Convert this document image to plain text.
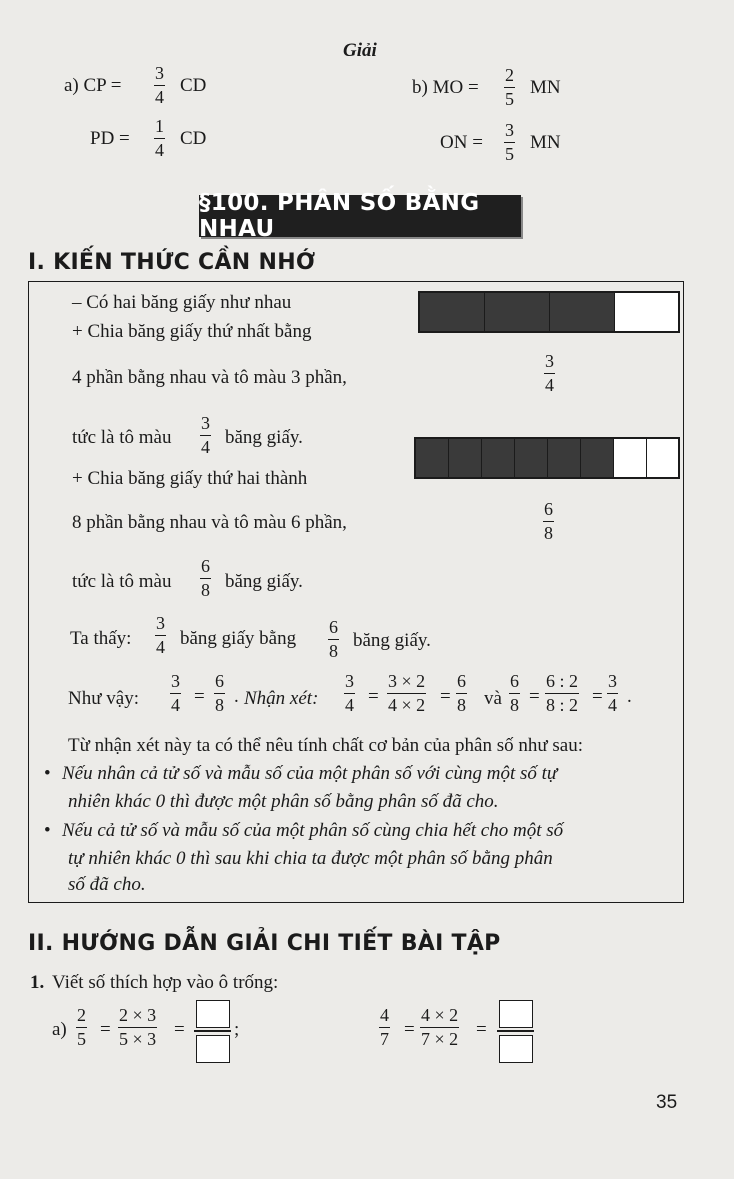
Giải
a) CP =
3
4
CD
PD =
1
4
CD
b) MO =
2
5
MN
ON =
3
5
MN
§100. PHÂN SỐ BẰNG NHAU
I. KIẾN THỨC CẦN NHỚ
– Có hai băng giấy như nhau
+ Chia băng giấy thứ nhất bằng
4 phần bằng nhau và tô màu 3 phần,
3
4
tức là tô màu
3
4 băng giấy.
+ Chia băng giấy thứ hai thành
8 phần bằng nhau và tô màu 6 phần,
6
8
tức là tô màu
6
8 băng giấy.
Ta thấy:
3
4 băng giấy bằng
6
8
băng giấy.
Như vậy:
3
4 =
6
8 . Nhận xét:
3
4 =
3 × 2
4 × 2 =
6
8 và
6
8 =
6 : 2
8 : 2 =
3
4 .
Từ nhận xét này ta có thể nêu tính chất cơ bản của phân số như sau:
• Nếu nhân cả tử số và mẫu số của một phân số với cùng một số tự
nhiên khác 0 thì được một phân số bằng phân số đã cho.
• Nếu cả tử số và mẫu số của một phân số cùng chia hết cho một số
tự nhiên khác 0 thì sau khi chia ta được một phân số bằng phân
số đã cho.
II. HƯỚNG DẪN GIẢI CHI TIẾT BÀI TẬP
1. Viết số thích hợp vào ô trống:
a)
2
5 =
2 × 3
5 × 3 =	;
4
7 =
4 × 2
7 × 2 =
35
